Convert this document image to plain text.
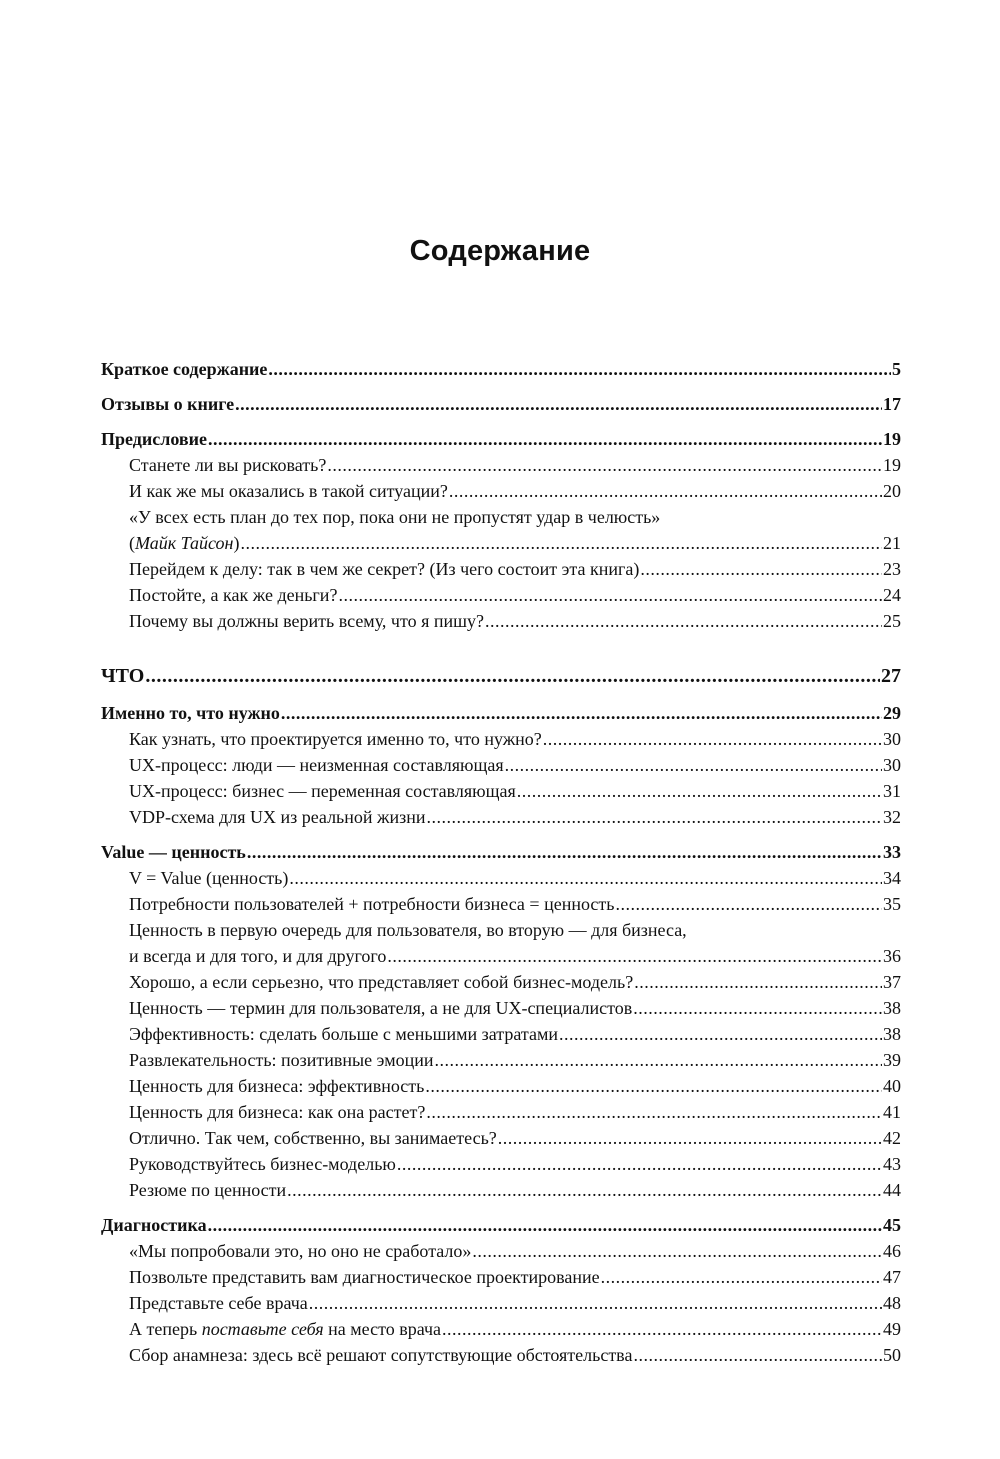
Содержание
Краткое содержание .....	5
Отзывы о книге .....	17
Предисловие .....	19
Станете ли вы рисковать? .....	19
И как же мы оказались в такой ситуации? .....	20
«У всех есть план до тех пор, пока они не пропустят удар в челюсть»
(Майк Тайсон) .....	21
Перейдем к делу: так в чем же секрет? (Из чего состоит эта книга) .....	23
Постойте, а как же деньги? .....	24
Почему вы должны верить всему, что я пишу? .....	25
ЧТО .....	27
Именно то, что нужно .....	29
Как узнать, что проектируется именно то, что нужно? .....	30
UX-процесс: люди — неизменная составляющая .....	30
UX-процесс: бизнес — переменная составляющая .....	31
VDP-схема для UX из реальной жизни .....	32
Value — ценность .....	33
V = Value (ценность) .....	34
Потребности пользователей + потребности бизнеса = ценность .....	35
Ценность в первую очередь для пользователя, во вторую — для бизнеса,
и всегда и для того, и для другого .....	36
Хорошо, а если серьезно, что представляет собой бизнес-модель? .....	37
Ценность — термин для пользователя, а не для UX-специалистов .....	38
Эффективность: сделать больше с меньшими затратами .....	38
Развлекательность: позитивные эмоции .....	39
Ценность для бизнеса: эффективность .....	40
Ценность для бизнеса: как она растет? .....	41
Отлично. Так чем, собственно, вы занимаетесь? .....	42
Руководствуйтесь бизнес-моделью .....	43
Резюме по ценности .....	44
Диагностика .....	45
«Мы попробовали это, но оно не сработало» .....	46
Позвольте представить вам диагностическое проектирование .....	47
Представьте себе врача .....	48
А теперь поставьте себя на место врача .....	49
Сбор анамнеза: здесь всё решают сопутствующие обстоятельства .....	50
